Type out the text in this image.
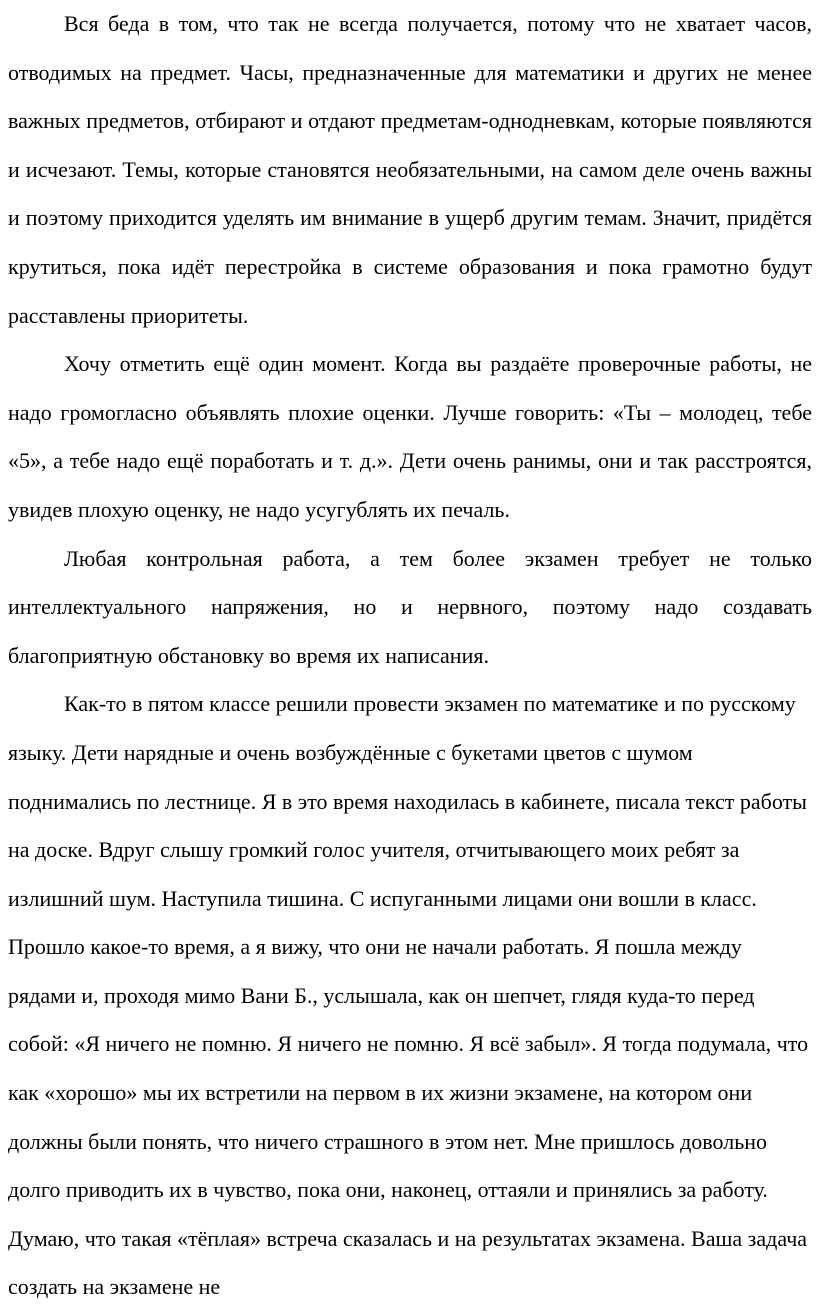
Вся беда в том, что так не всегда получается, потому что не хватает часов, отводимых на предмет. Часы, предназначенные для математики и других не менее важных предметов, отбирают и отдают предметам-однодневкам, которые появляются и исчезают. Темы, которые становятся необязательными, на самом деле очень важны и поэтому приходится уделять им внимание в ущерб другим темам. Значит, придётся крутиться, пока идёт перестройка в системе образования и пока грамотно будут расставлены приоритеты.

Хочу отметить ещё один момент. Когда вы раздаёте проверочные работы, не надо громогласно объявлять плохие оценки. Лучше говорить: «Ты – молодец, тебе «5», а тебе надо ещё поработать и т. д.». Дети очень ранимы, они и так расстроятся, увидев плохую оценку, не надо усугублять их печаль.

Любая контрольная работа, а тем более экзамен требует не только интеллектуального напряжения, но и нервного, поэтому надо создавать благоприятную обстановку во время их написания.

Как-то в пятом классе решили провести экзамен по математике и по русскому языку. Дети нарядные и очень возбуждённые с букетами цветов с шумом поднимались по лестнице. Я в это время находилась в кабинете, писала текст работы на доске. Вдруг слышу громкий голос учителя, отчитывающего моих ребят за излишний шум. Наступила тишина. С испуганными лицами они вошли в класс. Прошло какое-то время, а я вижу, что они не начали работать. Я пошла между рядами и, проходя мимо Вани Б., услышала, как он шепчет, глядя куда-то перед собой: «Я ничего не помню. Я ничего не помню. Я всё забыл». Я тогда подумала, что как «хорошо» мы их встретили на первом в их жизни экзамене, на котором они должны были понять, что ничего страшного в этом нет. Мне пришлось довольно долго приводить их в чувство, пока они, наконец, оттаяли и принялись за работу. Думаю, что такая «тёплая» встреча сказалась и на результатах экзамена. Ваша задача создать на экзамене не
